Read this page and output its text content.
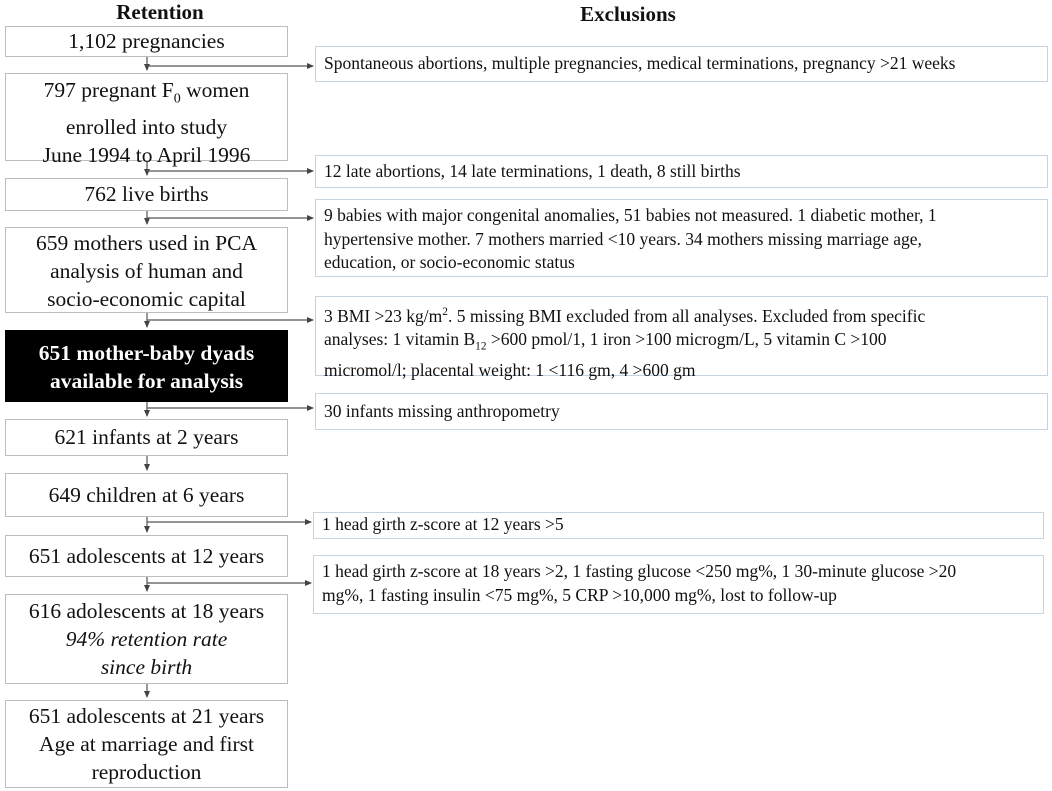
Retention	Exclusions
1,102 pregnancies
797 pregnant $F_0$ women
enrolled into study
June 1994 to April 1996
762 live births
659 mothers used in PCA
analysis of human and
socio-economic capital
651 mother-baby dyads
available for analysis
621 infants at 2 years
649 children at 6 years
651 adolescents at 12 years
616 adolescents at 18 years
94% retention rate
since birth
651 adolescents at 21 years
Age at marriage and first
reproduction
Spontaneous abortions, multiple pregnancies, medical terminations, pregnancy >21 weeks
12 late abortions, 14 late terminations, 1 death, 8 still births
9 babies with major congenital anomalies, 51 babies not measured. 1 diabetic mother, 1
hypertensive mother. 7 mothers married <10 years. 34 mothers missing marriage age,
education, or socio-economic status
3 BMI >23 $kg/m^2$. 5 missing BMI excluded from all analyses. Excluded from specific
analyses: 1 vitamin $B_{12} >600$ pmol/1, 1 iron >100 microgm/L, 5 vitamin C >100
micromol/l; placental weight: 1 <116 gm, 4 >600 gm
30 infants missing anthropometry
1 head girth z-score at 12 years >5
1 head girth z-score at 18 years >2, 1 fasting glucose <250 mg%, 1 30-minute glucose >20
mg%, 1 fasting insulin <75 mg%, 5 CRP >10,000 mg%, lost to follow-up
